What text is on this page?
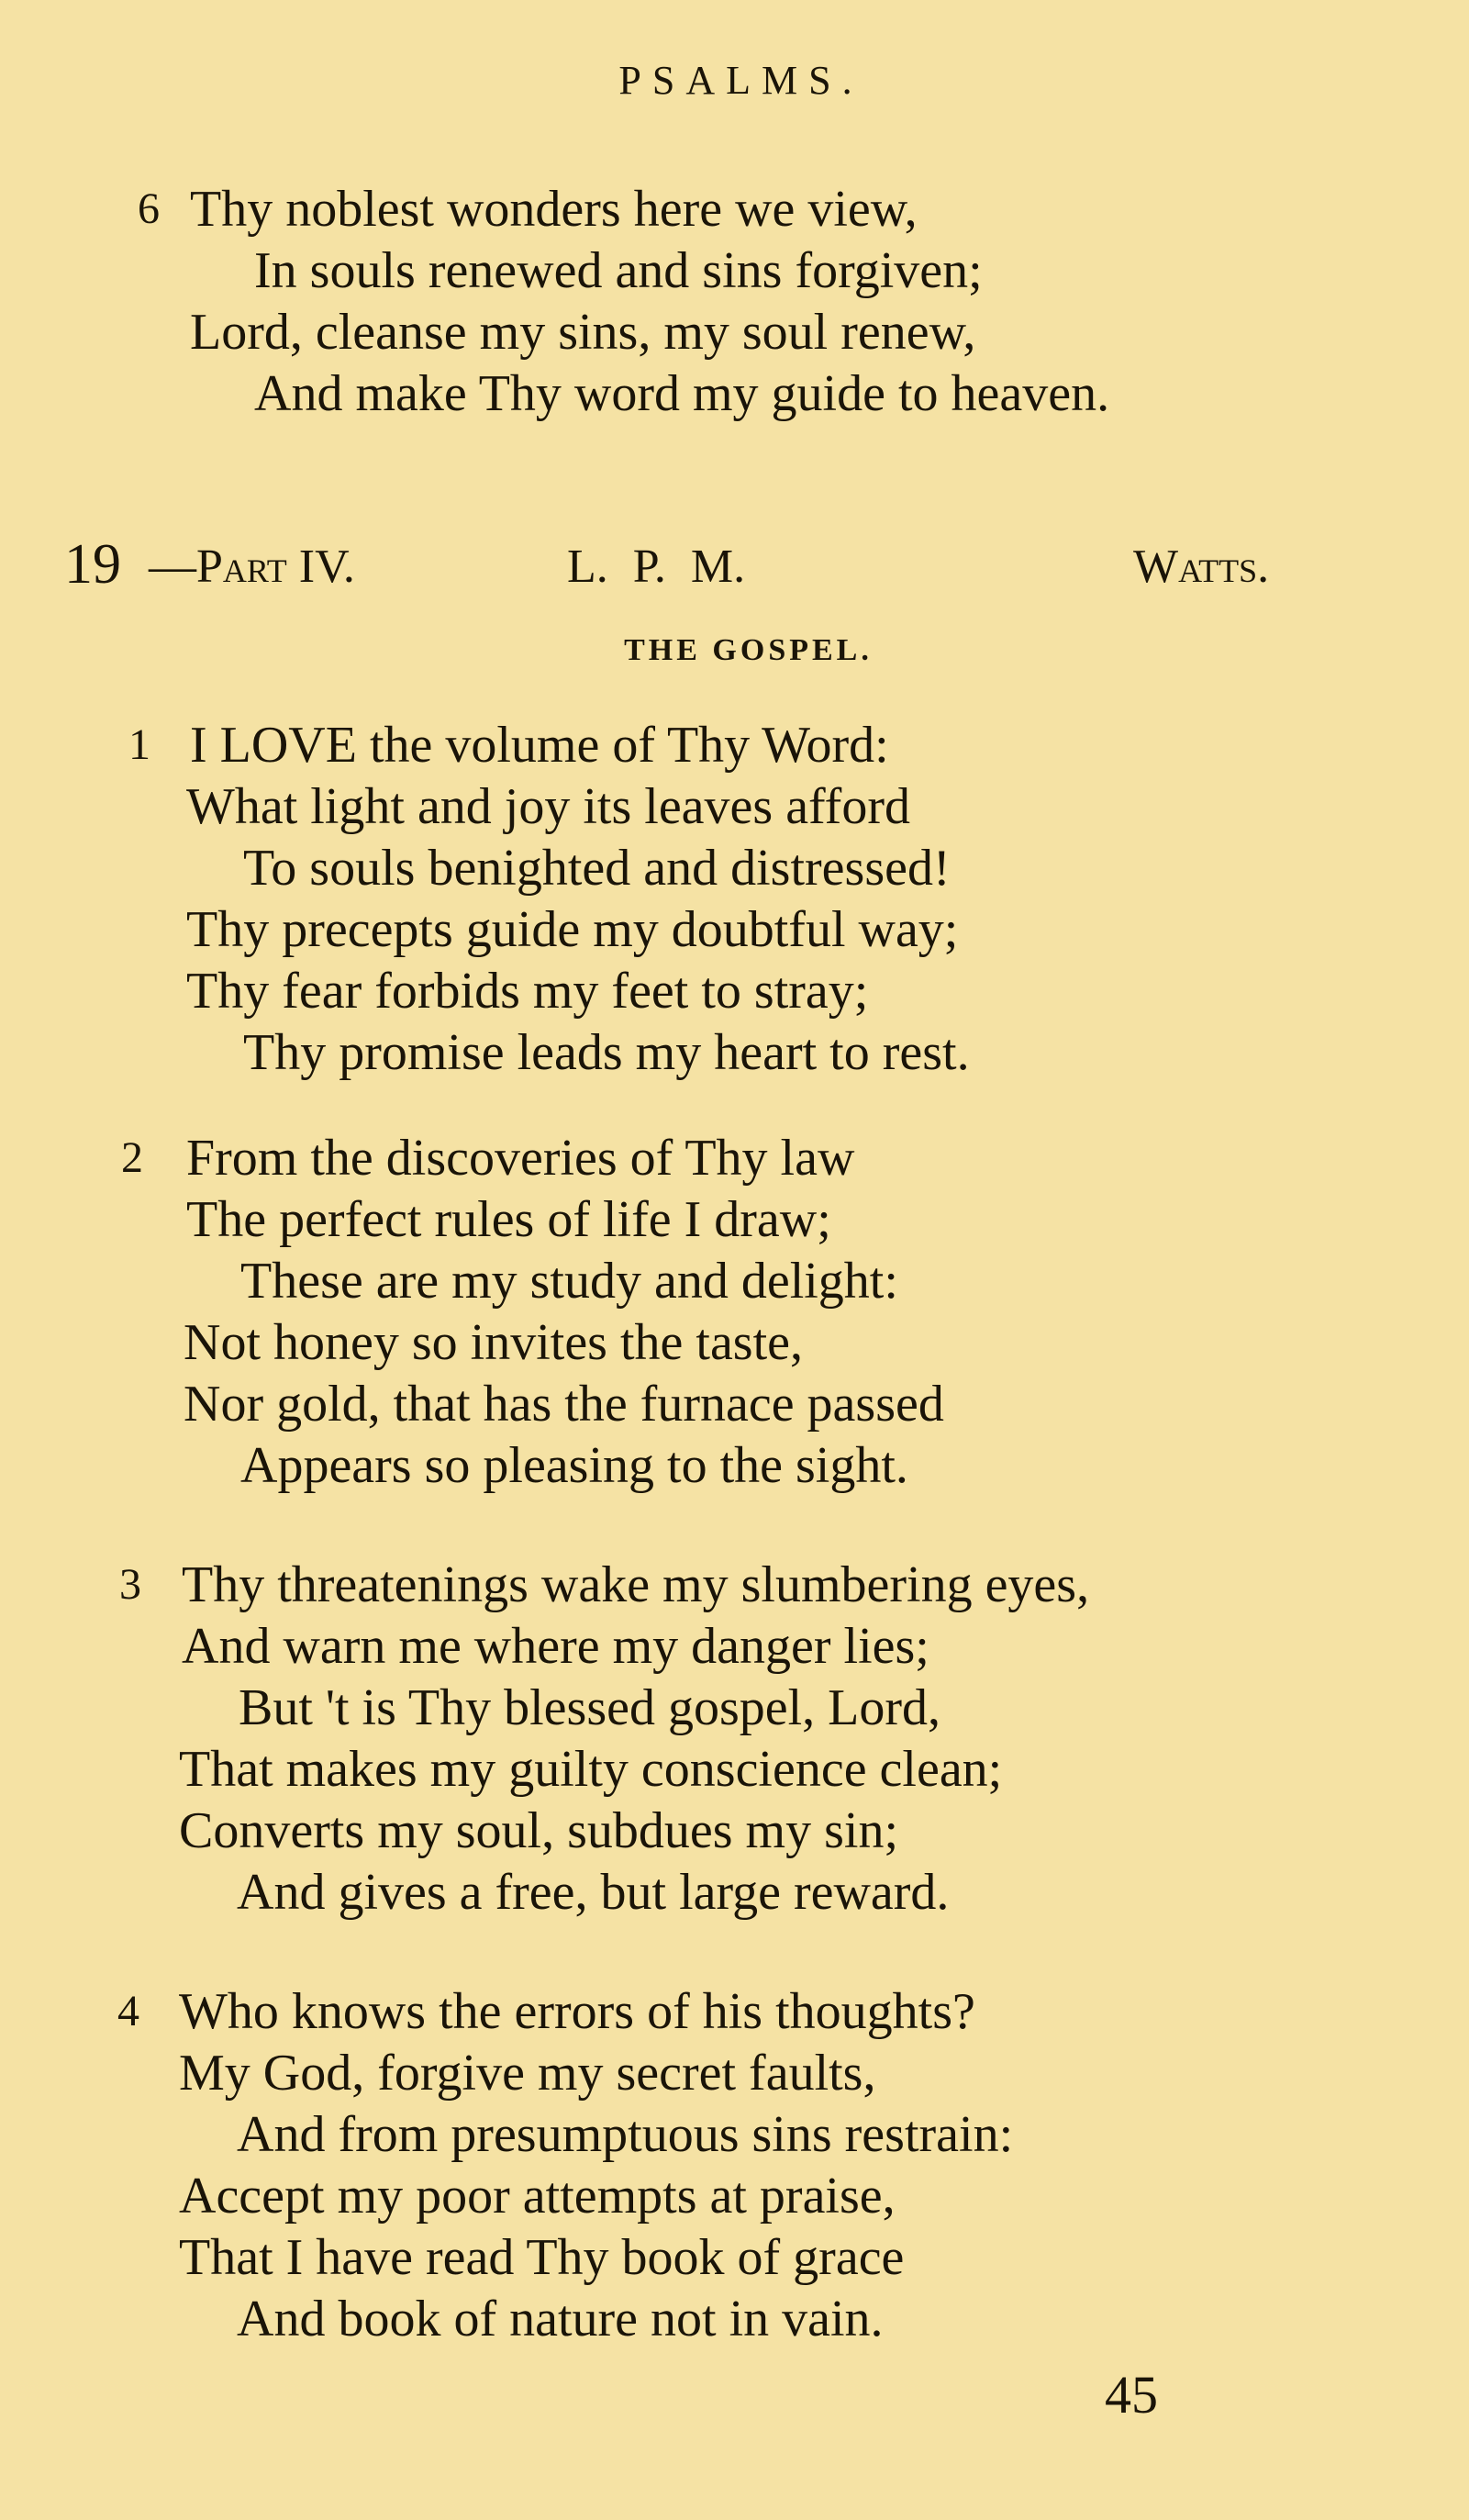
PSALMS.
6 Thy noblest wonders here we view,
In souls renewed and sins forgiven;
Lord, cleanse my sins, my soul renew,
And make Thy word my guide to heaven.
19 —Part IV.	L. P. M.	Watts.
THE GOSPEL.
1 I LOVE the volume of Thy Word:
What light and joy its leaves afford
To souls benighted and distressed!
Thy precepts guide my doubtful way;
Thy fear forbids my feet to stray;
Thy promise leads my heart to rest.
2 From the discoveries of Thy law
The perfect rules of life I draw;
These are my study and delight:
Not honey so invites the taste,
Nor gold, that has the furnace passed
Appears so pleasing to the sight.
3 Thy threatenings wake my slumbering eyes,
And warn me where my danger lies;
But 't is Thy blessed gospel, Lord,
That makes my guilty conscience clean;
Converts my soul, subdues my sin;
And gives a free, but large reward.
4 Who knows the errors of his thoughts?
My God, forgive my secret faults,
And from presumptuous sins restrain:
Accept my poor attempts at praise,
That I have read Thy book of grace
And book of nature not in vain.
45
